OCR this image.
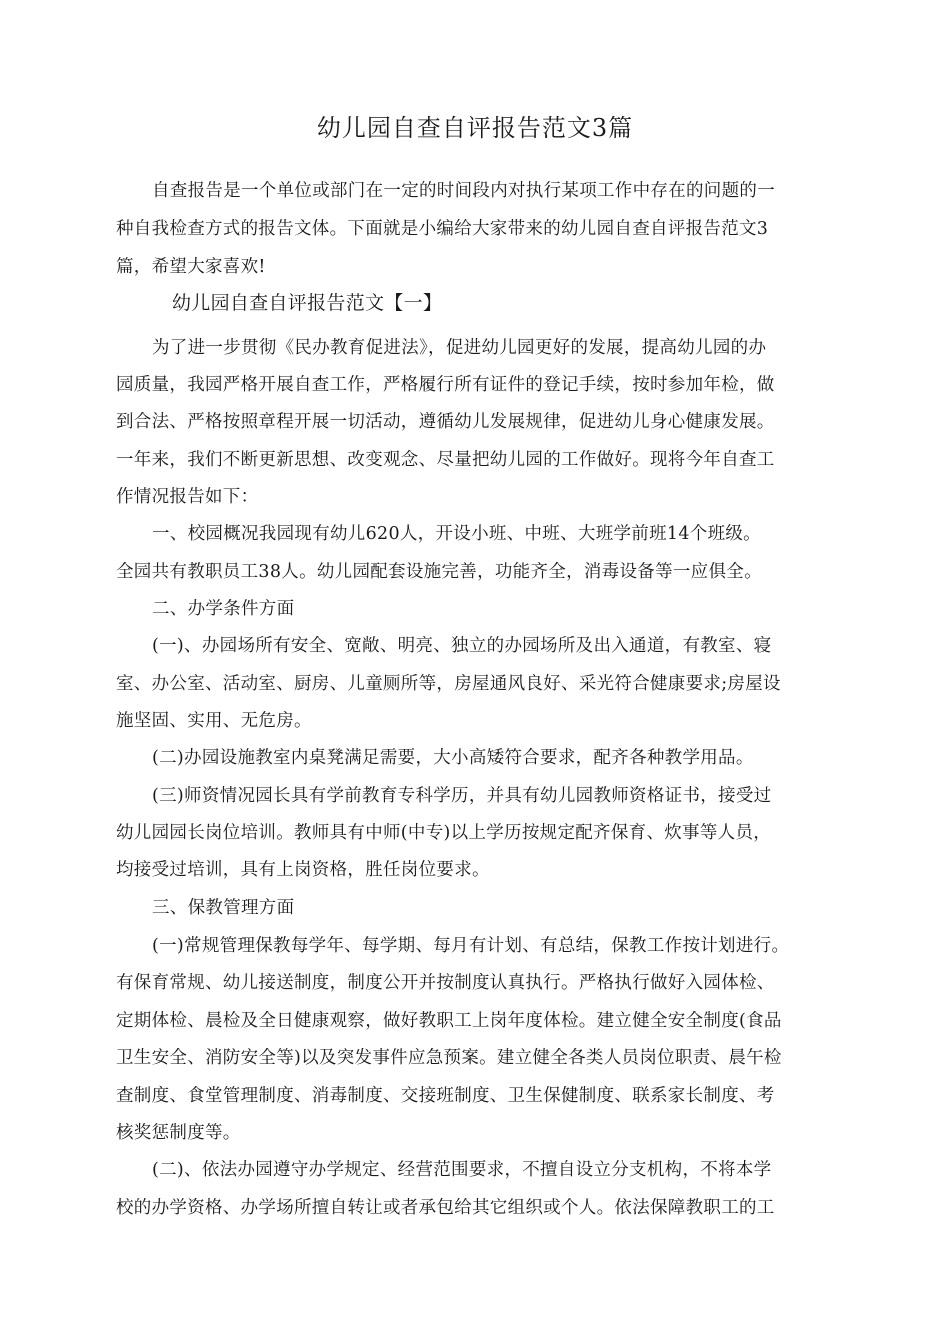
幼儿园自查自评报告范文3篇
自查报告是一个单位或部门在一定的时间段内对执行某项工作中存在的问题的一
种自我检查方式的报告文体。下面就是小编给大家带来的幼儿园自查自评报告范文3
篇，希望大家喜欢!
幼儿园自查自评报告范文【一】
为了进一步贯彻《民办教育促进法》，促进幼儿园更好的发展，提高幼儿园的办
园质量，我园严格开展自查工作，严格履行所有证件的登记手续，按时参加年检，做
到合法、严格按照章程开展一切活动，遵循幼儿发展规律，促进幼儿身心健康发展。
一年来，我们不断更新思想、改变观念、尽量把幼儿园的工作做好。现将今年自查工
作情况报告如下：
一、校园概况我园现有幼儿620人，开设小班、中班、大班学前班14个班级。
全园共有教职员工38人。幼儿园配套设施完善，功能齐全，消毒设备等一应俱全。
二、办学条件方面
(一)、办园场所有安全、宽敞、明亮、独立的办园场所及出入通道，有教室、寝
室、办公室、活动室、厨房、儿童厕所等，房屋通风良好、采光符合健康要求;房屋设
施坚固、实用、无危房。
(二)办园设施教室内桌凳满足需要，大小高矮符合要求，配齐各种教学用品。
(三)师资情况园长具有学前教育专科学历，并具有幼儿园教师资格证书，接受过
幼儿园园长岗位培训。教师具有中师(中专)以上学历按规定配齐保育、炊事等人员，
均接受过培训，具有上岗资格，胜任岗位要求。
三、保教管理方面
(一)常规管理保教每学年、每学期、每月有计划、有总结，保教工作按计划进行。
有保育常规、幼儿接送制度，制度公开并按制度认真执行。严格执行做好入园体检、
定期体检、晨检及全日健康观察，做好教职工上岗年度体检。建立健全安全制度(食品
卫生安全、消防安全等)以及突发事件应急预案。建立健全各类人员岗位职责、晨午检
查制度、食堂管理制度、消毒制度、交接班制度、卫生保健制度、联系家长制度、考
核奖惩制度等。
(二)、依法办园遵守办学规定、经营范围要求，不擅自设立分支机构，不将本学
校的办学资格、办学场所擅自转让或者承包给其它组织或个人。依法保障教职工的工
